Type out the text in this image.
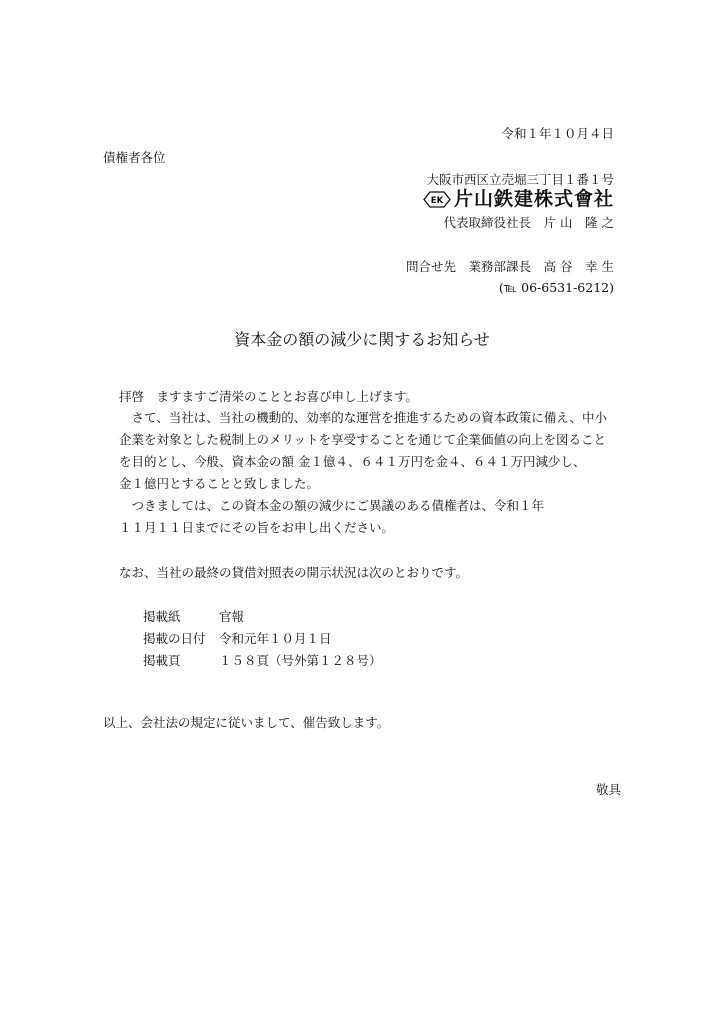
令和１年１０月４日
債権者各位
大阪市西区立売堀三丁目１番１号
EK 片山鉄建株式會社
代表取締役社長　片 山　隆 之
問合せ先　業務部課長　高 谷　幸 生
(℡ 06-6531-6212)
資本金の額の減少に関するお知らせ
拝啓　ますますご清栄のこととお喜び申し上げます。
　さて、当社は、当社の機動的、効率的な運営を推進するための資本政策に備え、中小
企業を対象とした税制上のメリットを享受することを通じて企業価値の向上を図ること
を目的とし、今般、資本金の額 金１億４、６４１万円を金４、６４１万円減少し、
金１億円とすることと致しました。
　つきましては、この資本金の額の減少にご異議のある債権者は、令和１年
１１月１１日までにその旨をお申し出ください。
なお、当社の最終の貸借対照表の開示状況は次のとおりです。
掲載紙	官報
掲載の日付 令和元年１０月１日
掲載頁	１５８頁（号外第１２８号）
以上、会社法の規定に従いまして、催告致します。
敬具
